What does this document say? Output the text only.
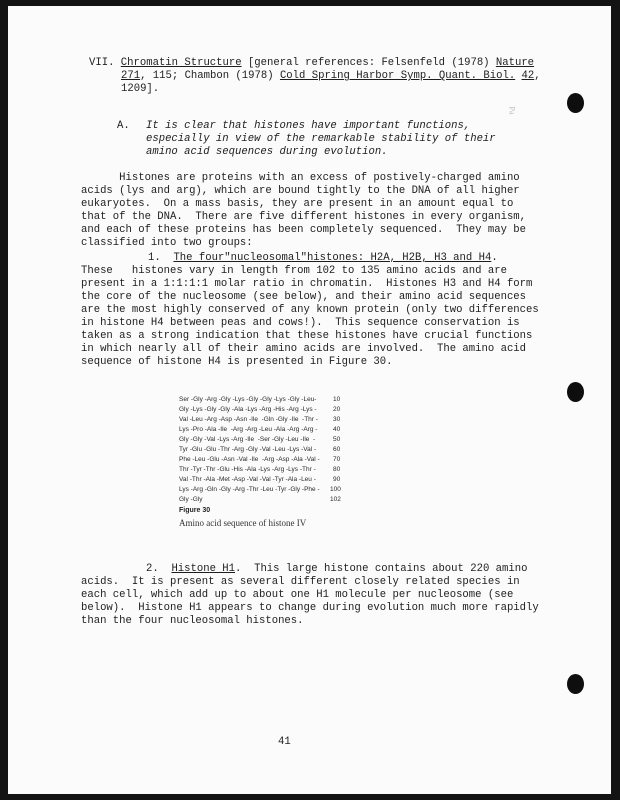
Pa
VII. Chromatin Structure [general references: Felsenfeld (1978) Nature
271, 115; Chambon (1978) Cold Spring Harbor Symp. Quant. Biol. 42,
1209].
A. It is clear that histones have important functions,
especially in view of the remarkable stability of their
amino acid sequences during evolution.
Histones are proteins with an excess of postively-charged amino
acids (lys and arg), which are bound tightly to the DNA of all higher
eukaryotes.  On a mass basis, they are present in an amount equal to
that of the DNA.  There are five different histones in every organism,
and each of these proteins has been completely sequenced.  They may be
classified into two groups:
1.  The four"nucleosomal"histones: H2A, H2B, H3 and H4.
These   histones vary in length from 102 to 135 amino acids and are
present in a 1:1:1:1 molar ratio in chromatin.  Histones H3 and H4 form
the core of the nucleosome (see below), and their amino acid sequences
are the most highly conserved of any known protein (only two differences
in histone H4 between peas and cows!).  This sequence conservation is
taken as a strong indication that these histones have crucial functions
in which nearly all of their amino acids are involved.  The amino acid
sequence of histone H4 is presented in Figure 30.
Ser -Gly -Arg -Gly -Lys -Gly -Gly -Lys -Gly -Leu-	10
Gly -Lys -Gly -Gly -Ala -Lys -Arg -His -Arg -Lys -	20
Val -Leu -Arg -Asp -Asn -Ile  -Gln -Gly -Ile  -Thr - 30
Lys -Pro -Ala -Ile  -Arg -Arg -Leu -Ala -Arg -Arg - 40
Gly -Gly -Val -Lys -Arg -Ile  -Ser -Gly -Leu -Ile  -	50
Tyr -Glu -Glu -Thr -Arg -Gly -Val -Leu -Lys -Val -	60
Phe -Leu -Glu -Asn -Val -Ile  -Arg -Asp -Ala -Val - 70
Thr -Tyr -Thr -Glu -His -Ala -Lys -Arg -Lys -Thr -	80
Val -Thr -Ala -Met -Asp -Val -Val -Tyr -Ala -Leu -	90
Lys -Arg -Gln -Gly -Arg -Thr -Leu -Tyr -Gly -Phe - 100
Gly -Gly	102
Figure 30
Amino acid sequence of histone IV
2.  Histone H1.  This large histone contains about 220 amino
acids.  It is present as several different closely related species in
each cell, which add up to about one H1 molecule per nucleosome (see
below).  Histone H1 appears to change during evolution much more rapidly
than the four nucleosomal histones.
41
